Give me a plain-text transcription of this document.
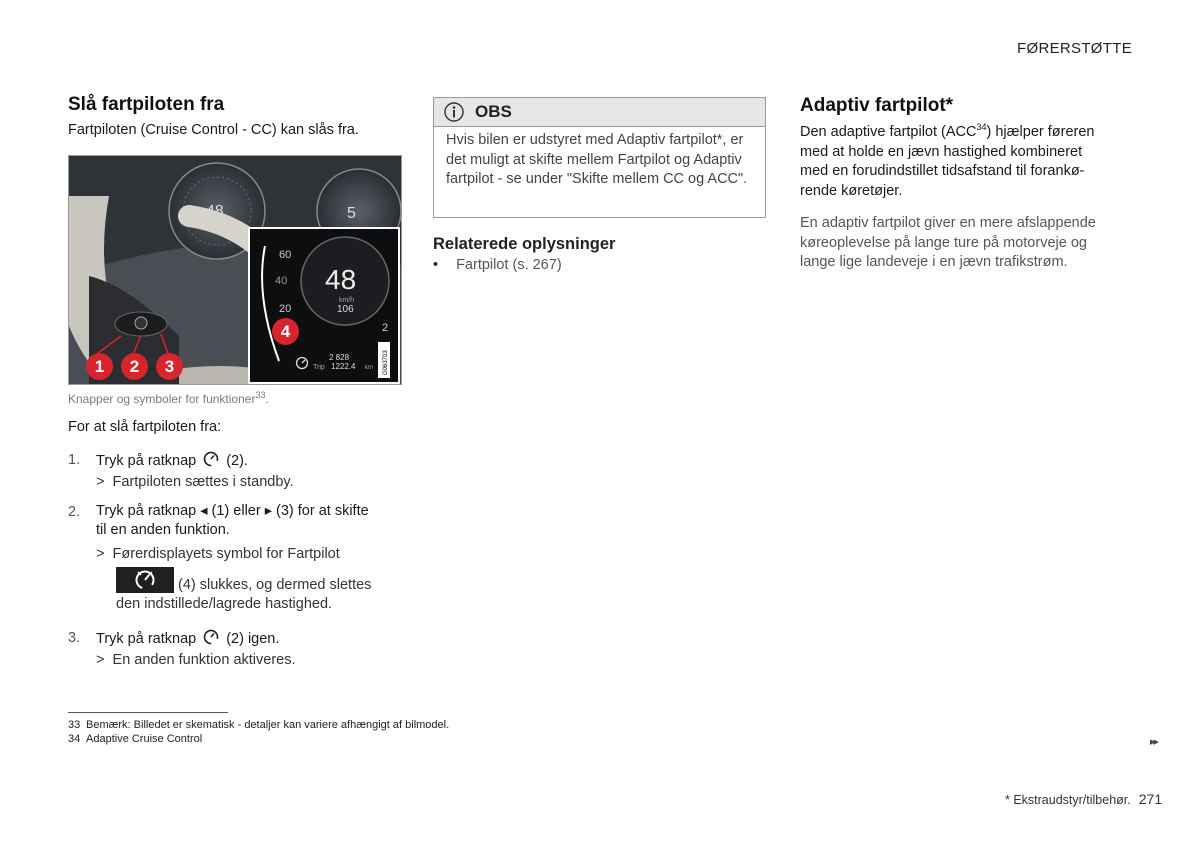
FØRERSTØTTE
Slå fartpiloten fra
Fartpiloten (Cruise Control - CC) kan slås fra.
48	5
60
40
20
2
48
km/h
106
2 828
Trip 1222.4 km G063703
1	2	3
4
Knapper og symboler for funktioner$^{33}$.
For at slå fartpiloten fra:
1.	Tryk på ratknap (2).
> Fartpiloten sættes i standby.
2.	Tryk på ratknap ◂ (1) eller ▸ (3) for at skifte
til en anden funktion.
> Førerdisplayets symbol for Fartpilot
(4) slukkes, og dermed slettes
den indstillede/lagrede hastighed.
3.	Tryk på ratknap (2) igen.
> En anden funktion aktiveres.
OBS
Hvis bilen er udstyret med Adaptiv fartpilot*, er det muligt at skifte mellem Fartpilot og Adaptiv fartpilot - se under "Skifte mellem CC og ACC".
Relaterede oplysninger
• Fartpilot (s. 267)
Adaptiv fartpilot*
Den adaptive fartpilot (ACC$^{34}$) hjælper føreren
med at holde en jævn hastighed kombineret
med en forudindstillet tidsafstand til forankø-
rende køretøjer.
En adaptiv fartpilot giver en mere afslappende
køreoplevelse på lange ture på motorveje og
lange lige landeveje i en jævn trafikstrøm.
33 Bemærk: Billedet er skematisk - detaljer kan variere afhængigt af bilmodel.
34 Adaptive Cruise Control	▸▸
* Ekstraudstyr/tilbehør. 271
